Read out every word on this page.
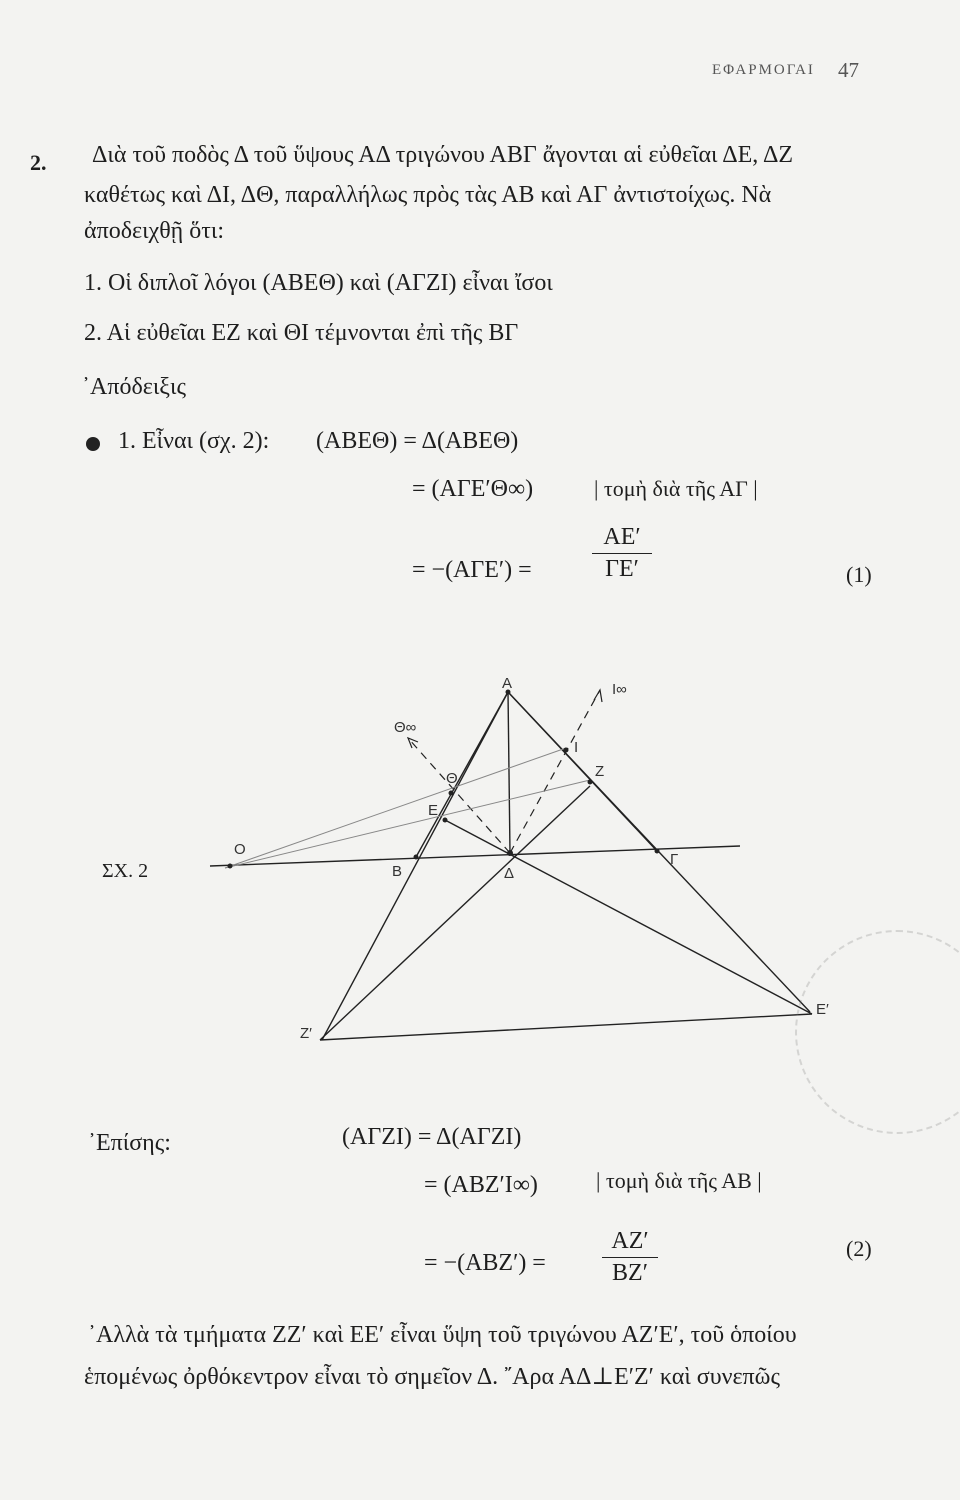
ΕΦΑΡΜΟΓΑΙ 47
2. Διὰ τοῦ ποδὸς Δ τοῦ ὕψους ΑΔ τριγώνου ΑΒΓ ἄγονται αἱ εὐθεῖαι ΔΕ, ΔΖ
καθέτως καὶ ΔΙ, ΔΘ, παραλλήλως πρὸς τὰς ΑΒ καὶ ΑΓ ἀντιστοίχως. Νὰ
ἀποδειχθῇ ὅτι:
1. Οἱ διπλοῖ λόγοι (ΑΒΕΘ) καὶ (ΑΓΖΙ) εἶναι ἴσοι
2. Αἱ εὐθεῖαι ΕΖ καὶ ΘΙ τέμνονται ἐπὶ τῆς ΒΓ
᾿Απόδειξις
1. Εἶναι (σχ. 2): (ΑΒΕΘ) = Δ(ΑΒΕΘ)
= (ΑΓΕ′Θ∞)	| τομὴ διὰ τῆς ΑΓ |
= −(ΑΓΕ′) =
ΑΕ′
ΓΕ′	(1)
Α
Β
Γ
Δ
Ε
Ζ
Θ
Ι
Ο
Ε′
Ζ′
Ι∞
Θ∞
ΣΧ. 2
᾿Επίσης:	(ΑΓΖΙ) = Δ(ΑΓΖΙ)
= (ΑΒΖ′Ι∞)	| τομὴ διὰ τῆς ΑΒ |
= −(ΑΒΖ′) =
ΑΖ′
ΒΖ′
(2)
᾿Αλλὰ τὰ τμήματα ΖΖ′ καὶ ΕΕ′ εἶναι ὕψη τοῦ τριγώνου ΑΖ′Ε′, τοῦ ὁποίου
ἑπομένως ὀρθόκεντρον εἶναι τὸ σημεῖον Δ. ῎Αρα ΑΔ⊥Ε′Ζ′ καὶ συνεπῶς
